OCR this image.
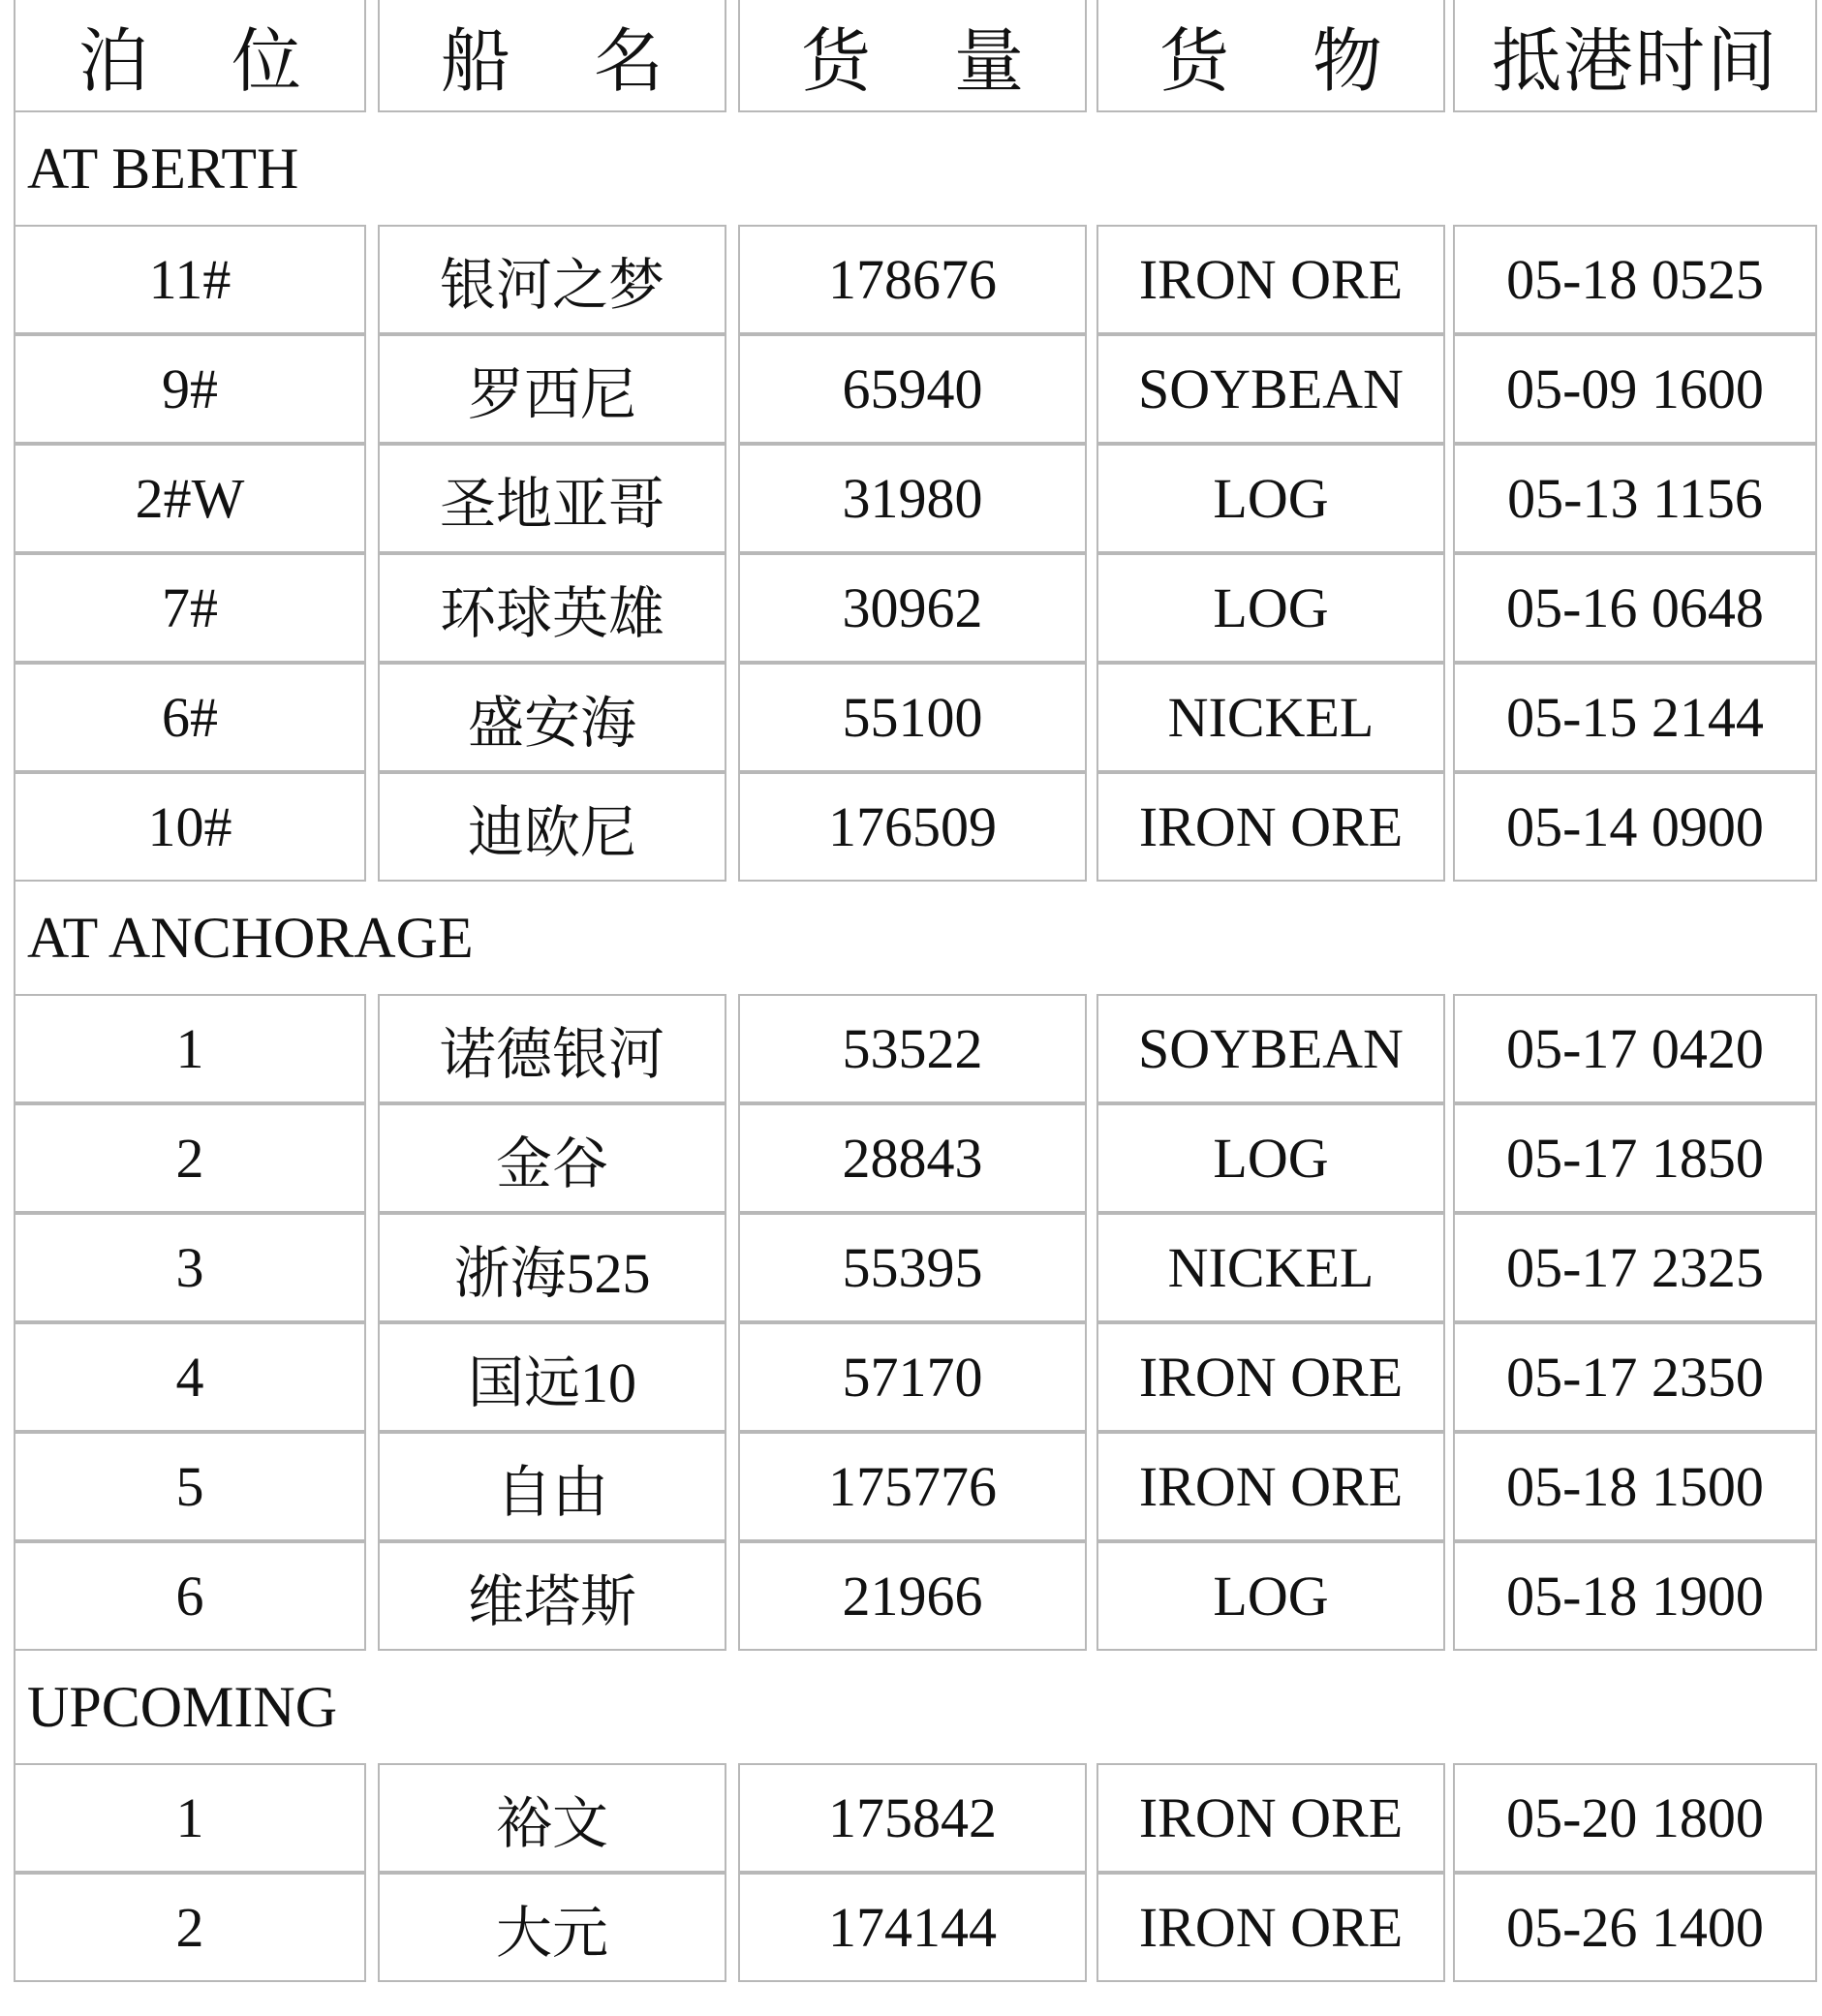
泊 位	船 名	货 量	货 物	抵港时间
AT BERTH
11#	银河之梦	178676	IRON ORE	05-18 0525
9#	罗西尼	65940	SOYBEAN	05-09 1600
2#W	圣地亚哥	31980	LOG	05-13 1156
7#	环球英雄	30962	LOG	05-16 0648
6#	盛安海	55100	NICKEL	05-15 2144
10#	迪欧尼	176509	IRON ORE	05-14 0900
AT ANCHORAGE
1	诺德银河	53522	SOYBEAN	05-17 0420
2	金谷	28843	LOG	05-17 1850
3	浙海525	55395	NICKEL	05-17 2325
4	国远10	57170	IRON ORE	05-17 2350
5	自由	175776	IRON ORE	05-18 1500
6	维塔斯	21966	LOG	05-18 1900
UPCOMING
1	裕文	175842	IRON ORE	05-20 1800
2	大元	174144	IRON ORE	05-26 1400
